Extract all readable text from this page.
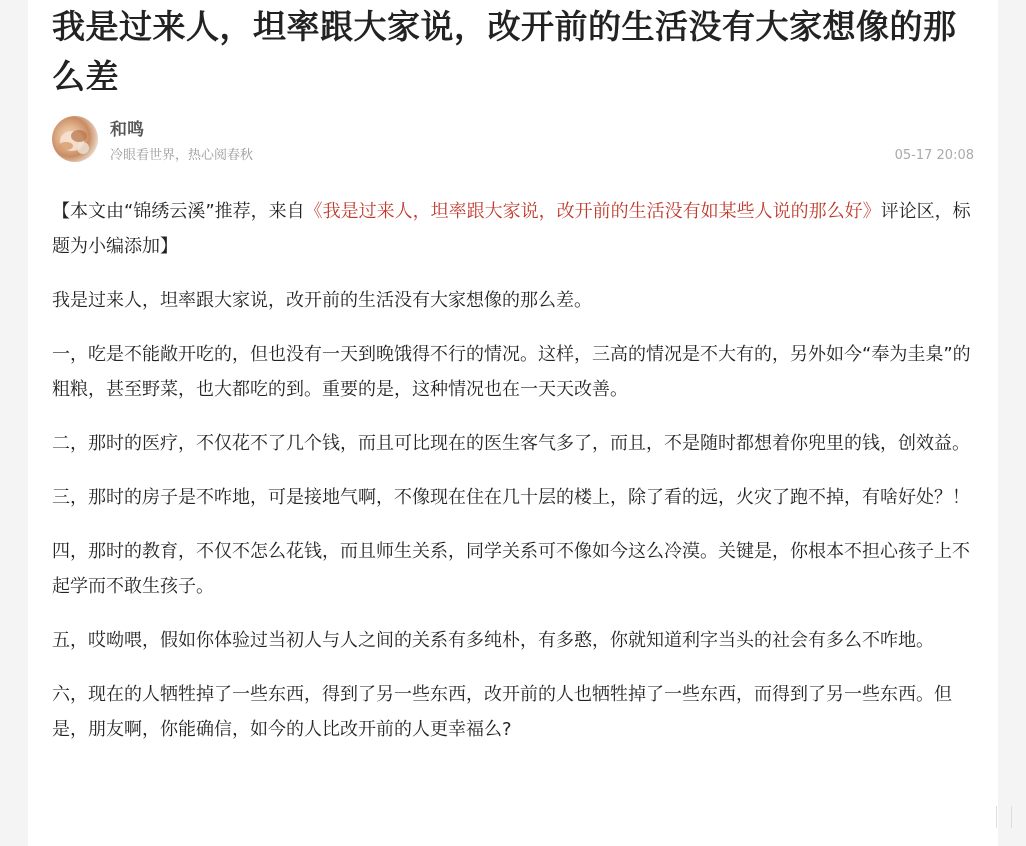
我是过来人，坦率跟大家说，改开前的生活没有大家想像的那么差
和鸣
冷眼看世界，热心阅春秋	05-17 20:08

【本文由“锦绣云溪”推荐，来自《我是过来人，坦率跟大家说，改开前的生活没有如某些人说的那么好》评论区，标题为小编添加】

我是过来人，坦率跟大家说，改开前的生活没有大家想像的那么差。

一，吃是不能敞开吃的，但也没有一天到晚饿得不行的情况。这样，三高的情况是不大有的，另外如今“奉为圭臬”的粗粮，甚至野菜，也大都吃的到。重要的是，这种情况也在一天天改善。

二，那时的医疗，不仅花不了几个钱，而且可比现在的医生客气多了，而且，不是随时都想着你兜里的钱，创效益。

三，那时的房子是不咋地，可是接地气啊，不像现在住在几十层的楼上，除了看的远，火灾了跑不掉，有啥好处？！

四，那时的教育，不仅不怎么花钱，而且师生关系，同学关系可不像如今这么冷漠。关键是，你根本不担心孩子上不起学而不敢生孩子。

五，哎呦喂，假如你体验过当初人与人之间的关系有多纯朴，有多憨，你就知道利字当头的社会有多么不咋地。

六，现在的人牺牲掉了一些东西，得到了另一些东西，改开前的人也牺牲掉了一些东西，而得到了另一些东西。但是，朋友啊，你能确信，如今的人比改开前的人更幸福么?
